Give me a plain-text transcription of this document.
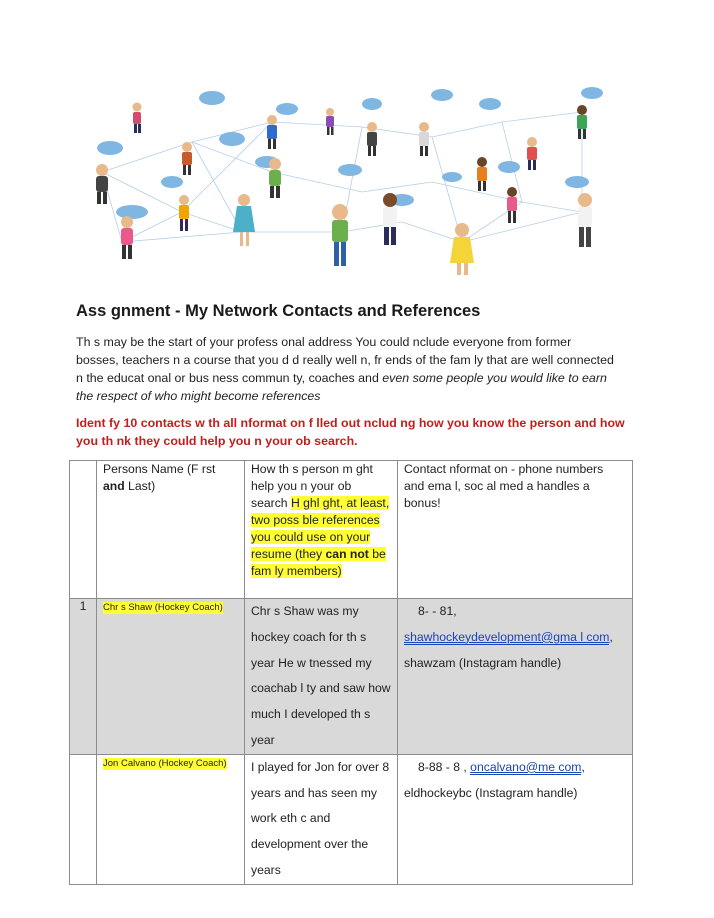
Ass gnment - My Network Contacts and References
Th s may be the start of your profess onal address You could nclude everyone from former
bosses, teachers n a course that you d d really well n, fr ends of the fam ly that are well connected
n the educat onal or bus ness commun ty, coaches and even some people you would like to earn
the respect of who might become references
Ident fy 10 contacts w th all nformat on f lled out nclud ng how you know the person and how
you th nk they could help you n your ob search.
	Persons Name (F rst and Last)	How th s person m ght help you n your ob search H ghl ght, at least, two poss ble references you could use on your resume (they can not be fam ly members)	Contact nformat on - phone numbers and ema l, soc al med a handles a bonus!
1	Chr s Shaw (Hockey Coach)	Chr s Shaw was my hockey coach for th s year He w tnessed my coachab l ty and saw how much I developed th s year	8- - 81,
shawhockeydevelopment@gma l com,
shawzam (Instagram handle)

	Jon Calvano (Hockey Coach)	I played for Jon for over 8 years and has seen my work eth c and development over the years	8-88 - 8 , oncalvano@me com,
eldhockeybc (Instagram handle)
